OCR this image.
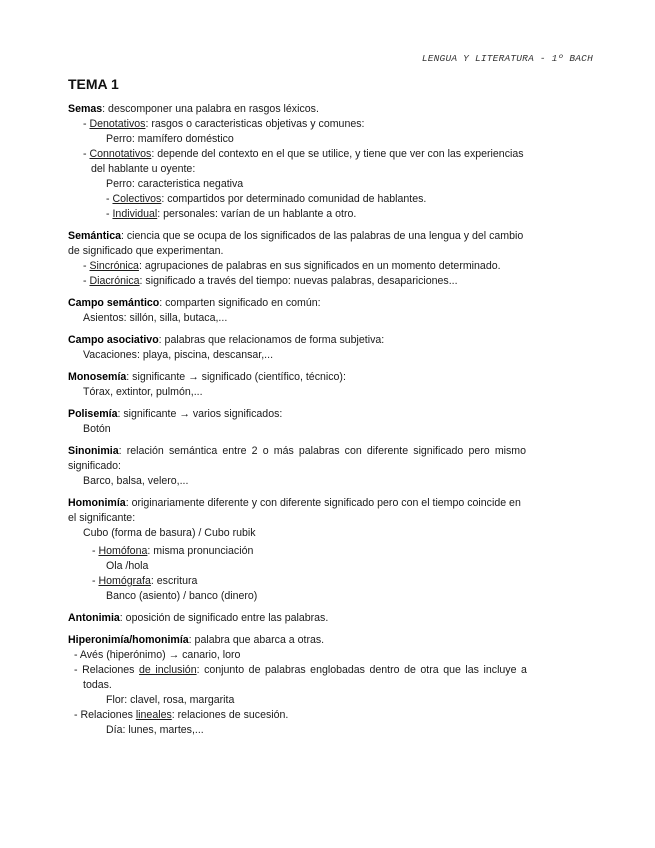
LENGUA Y LITERATURA - 1º BACH
TEMA 1
Semas: descomponer una palabra en rasgos léxicos.
- Denotativos: rasgos o caracteristicas objetivas y comunes:
Perro: mamífero doméstico
- Connotativos: depende del contexto en el que se utilice, y tiene que ver con las experiencias
del hablante u oyente:
Perro: caracteristica negativa
- Colectivos: compartidos por determinado comunidad de hablantes.
- Individual: personales: varían de un hablante a otro.
Semántica: ciencia que se ocupa de los significados de las palabras de una lengua y del cambio
de significado que experimentan.
- Sincrónica: agrupaciones de palabras en sus significados en un momento determinado.
- Diacrónica: significado a través del tiempo: nuevas palabras, desapariciones...
Campo semántico: comparten significado en común:
Asientos: sillón, silla, butaca,...
Campo asociativo: palabras que relacionamos de forma subjetiva:
Vacaciones: playa, piscina, descansar,...
Monosemía: significante → significado (científico, técnico):
Tórax, extintor, pulmón,...
Polisemía: significante → varios significados:
Botón
Sinonimia: relación semántica entre 2 o más palabras con diferente significado pero mismo
significado:
Barco, balsa, velero,...
Homonimía: originariamente diferente y con diferente significado pero con el tiempo coincide en
el significante:
Cubo (forma de basura) / Cubo rubik
- Homófona: misma pronunciación
Ola /hola
- Homógrafa: escritura
Banco (asiento) / banco (dinero)
Antonimia: oposición de significado entre las palabras.
Hiperonimía/homonimía: palabra que abarca a otras.
- Avés (hiperónimo) → canario, loro
- Relaciones de inclusión: conjunto de palabras englobadas dentro de otra que las incluye a
todas.
Flor: clavel, rosa, margarita
- Relaciones lineales: relaciones de sucesión.
Día: lunes, martes,...
